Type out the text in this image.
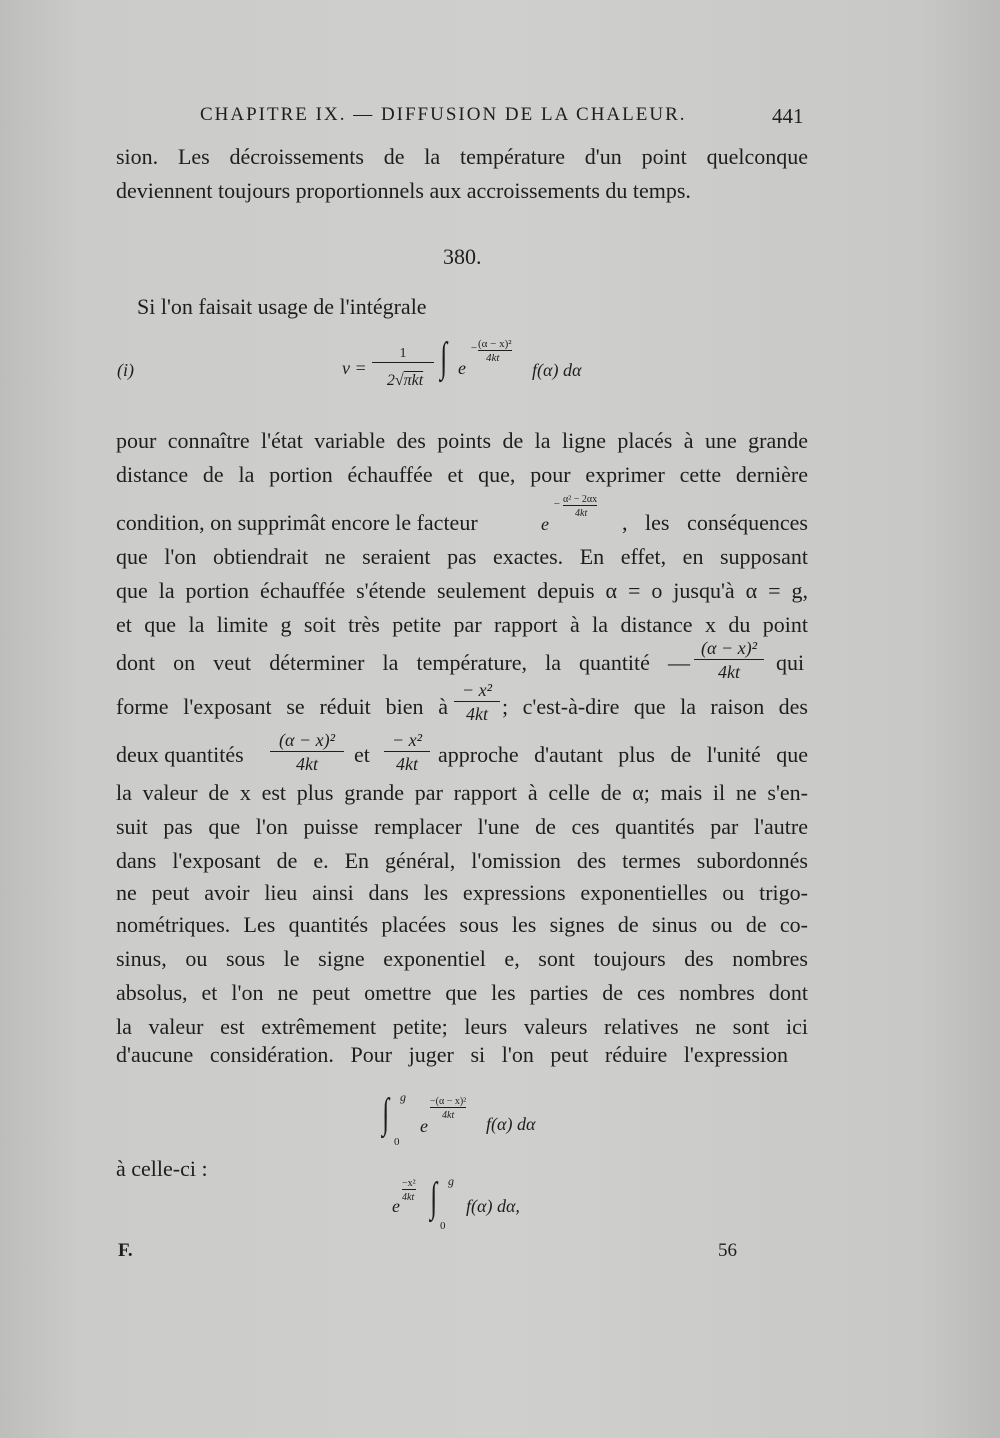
CHAPITRE IX. — DIFFUSION DE LA CHALEUR.	441
sion. Les décroissements de la température d'un point quelconque
deviennent toujours proportionnels aux accroissements du temps.
380.
Si l'on faisait usage de l'intégrale
(i)	v =
1
2√πkt ∫ e
− (α − x)²
4kt
f(α) dα
pour connaître l'état variable des points de la ligne placés à une grande
distance de la portion échauffée et que, pour exprimer cette dernière
condition, on supprimât encore le facteur	e
− α² − 2αx
4kt , les conséquences
que l'on obtiendrait ne seraient pas exactes. En effet, en supposant
que la portion échauffée s'étende seulement depuis α = o jusqu'à α = g,
et que la limite g soit très petite par rapport à la distance x du point
dont on veut déterminer la température, la quantité —
(α − x)²
4kt	qui
forme l'exposant se réduit bien à
− x²
4kt ; c'est-à-dire que la raison des
deux quantités
(α − x)²
4kt	et
− x²
4kt approche d'autant plus de l'unité que
la valeur de x est plus grande par rapport à celle de α; mais il ne s'en-
suit pas que l'on puisse remplacer l'une de ces quantités par l'autre
dans l'exposant de e. En général, l'omission des termes subordonnés
ne peut avoir lieu ainsi dans les expressions exponentielles ou trigo-
nométriques. Les quantités placées sous les signes de sinus ou de co-
sinus, ou sous le signe exponentiel e, sont toujours des nombres
absolus, et l'on ne peut omettre que les parties de ces nombres dont
la valeur est extrêmement petite; leurs valeurs relatives ne sont ici
d'aucune considération. Pour juger si l'on peut réduire l'expression
∫ g
0
e
−(α − x)²
4kt f(α) dα
à celle-ci :
e
−x²
4kt ∫ g
0
f(α) dα,
F.	56
